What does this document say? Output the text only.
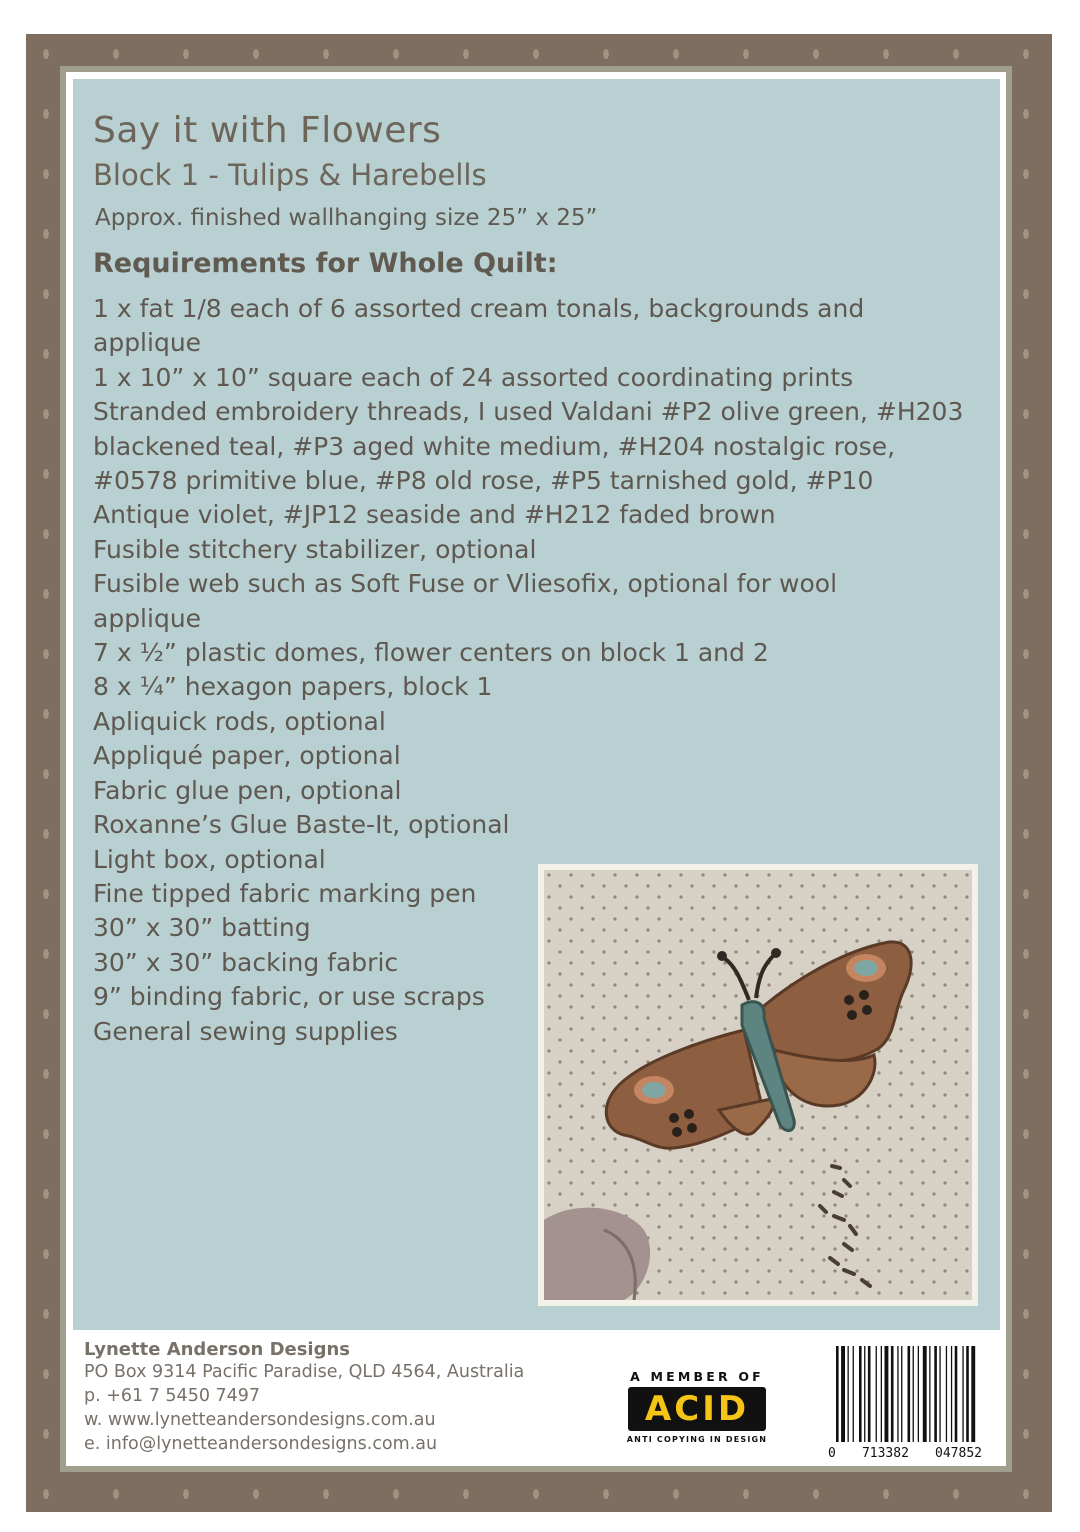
Say it with Flowers
Block 1 - Tulips & Harebells
Approx. finished wallhanging size 25” x 25”
Requirements for Whole Quilt:
1 x fat 1/8 each of 6 assorted cream tonals, backgrounds and applique
1 x 10” x 10” square each of 24 assorted coordinating prints
Stranded embroidery threads, I used Valdani #P2 olive green, #H203 blackened teal, #P3 aged white medium, #H204 nostalgic rose, #0578 primitive blue, #P8 old rose, #P5 tarnished gold, #P10 Antique violet, #JP12 seaside and #H212 faded brown
Fusible stitchery stabilizer, optional
Fusible web such as Soft Fuse or Vliesofix, optional for wool applique
7 x ½” plastic domes, flower centers on block 1 and 2
8 x ¼” hexagon papers, block 1
Apliquick rods, optional
Appliqué paper, optional
Fabric glue pen, optional
Roxanne’s Glue Baste-It, optional
Light box, optional
Fine tipped fabric marking pen
30” x 30” batting
30” x 30” backing fabric
9” binding fabric, or use scraps
General sewing supplies
Lynette Anderson Designs
PO Box 9314 Pacific Paradise, QLD 4564, Australia
p. +61 7 5450 7497
w. www.lynetteandersondesigns.com.au
e. info@lynetteandersondesigns.com.au
A MEMBER OF
ACID
ANTI COPYING IN DESIGN
0 713382 047852
